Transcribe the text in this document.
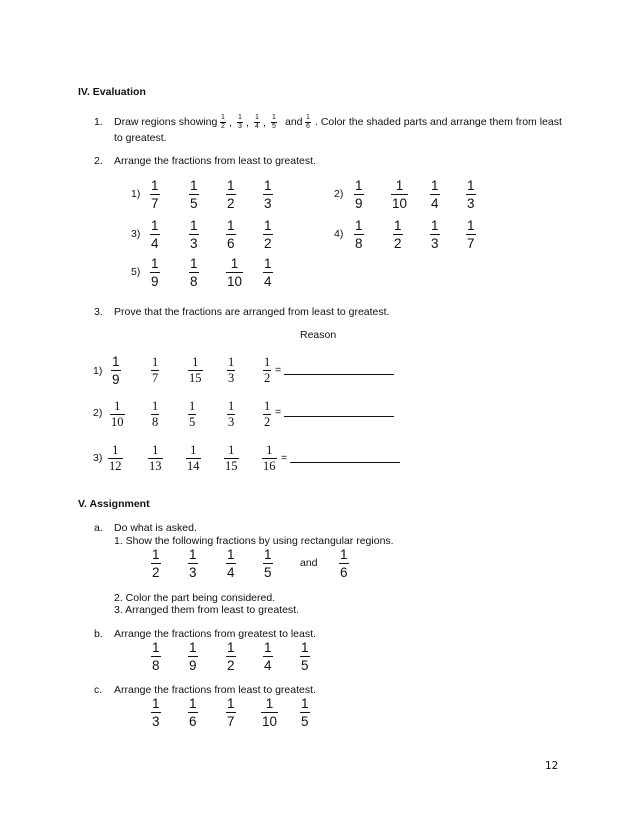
IV. Evaluation
1. Draw regions showing 1
2 , 1
3 , 1
4 , 1
5 and 1
6 . Color the shaded parts and arrange them from least
to greatest.
2. Arrange the fractions from least to greatest.
1)
1
7
1
5
1
2
1
3
2)
1
9
1
10
1
4
1
3
3)
1
4
1
3
1
6
1
2
4)
1
8
1
2
1
3
1
7
5)
1
9
1
8
1
10
1
4
3. Prove that the fractions are arranged from least to greatest.
Reason
1)
1
9
1
7
1
15
1
3
1
2
=
2) 1
10
1
8
1
5
1
3
1
2
=
3)
1
12
1
13
1
14
1
15
1
16
=
V. Assignment
a. Do what is asked.
1. Show the following fractions by using rectangular regions.
1
2
1
3
1
4
1
5
and
1
6
2. Color the part being considered.
3. Arranged them from least to greatest.
b. Arrange the fractions from greatest to least.
1
8
1
9
1
2
1
4
1
5
c. Arrange the fractions from least to greatest.
1
3
1
6
1
7
1
10
1
5
12
